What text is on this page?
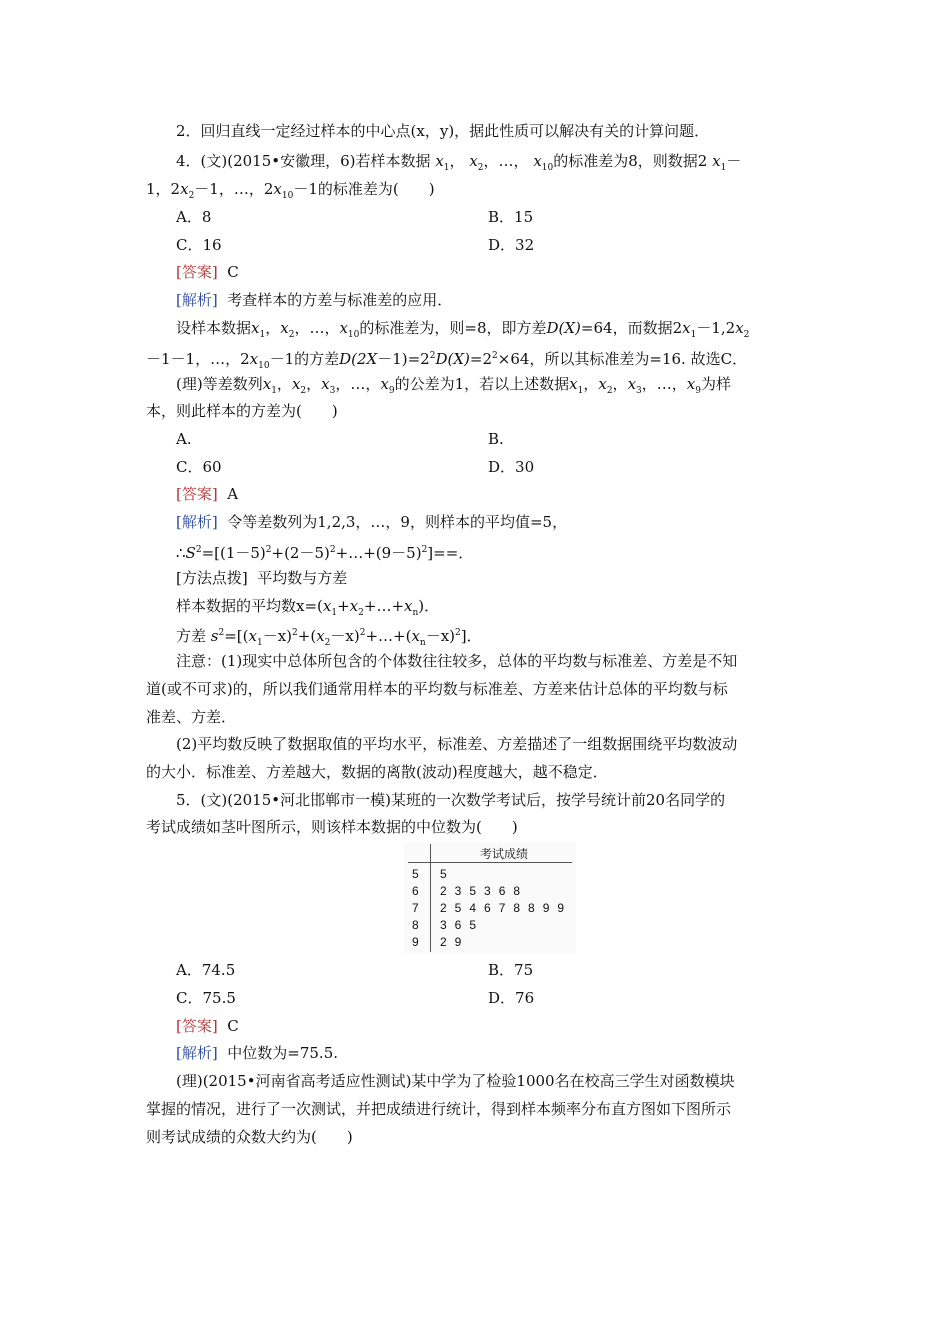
2．回归直线一定经过样本的中心点(x，y)，据此性质可以解决有关的计算问题．
4．(文)(2015•安徽理，6)若样本数据 $x_1$， $x_2$，…， $x_{10}$的标准差为8，则数据2 $x_1-$
1，$2x_2-1$，…，$2x_{10}-1$的标准差为(　　)
A．8	B．15
C．16	D．32
[答案] C
[解析] 考查样本的方差与标准差的应用．
设样本数据$x_1$，$x_2$，…，$x_{10}$的标准差为，则=8，即方差D(X)=64，而数据$2x_1-1,2x_2$
－1－1，…，$2x_{10}-1$的方差$D(2X-1)=2^2D(X)=2^2\times 64$，所以其标准差为=16. 故选C．
(理)等差数列$x_1$，$x_2$，$x_3$，…，$x_9$的公差为1，若以上述数据$x_1$，$x_2$，$x_3$，…，$x_9$为样
本，则此样本的方差为(　　)
A.	B.
C．60	D．30
[答案] A
[解析] 令等差数列为1,2,3，…，9，则样本的平均值=5，
$\therefore S^2=[(1-5)^2+(2-5)^2+\dots+(9-5)^2]==$．
[方法点拨] 平均数与方差
样本数据的平均数$x=(x_1+x_2+\dots+x_n)$．
方差 $s^2=[(x_1-x)^2+(x_2-x)^2+\dots+(x_n-x)^2]$．
注意：(1)现实中总体所包含的个体数往往较多，总体的平均数与标准差、方差是不知
道(或不可求)的，所以我们通常用样本的平均数与标准差、方差来估计总体的平均数与标
准差、方差．
(2)平均数反映了数据取值的平均水平，标准差、方差描述了一组数据围绕平均数波动
的大小．标准差、方差越大，数据的离散(波动)程度越大，越不稳定．
5．(文)(2015•河北邯郸市一模)某班的一次数学考试后，按学号统计前20名同学的
考试成绩如茎叶图所示，则该样本数据的中位数为(　　)
考试成绩
5	5
6	235368
7	254678899
8	365
9	29
A．74.5	B．75
C．75.5	D．76
[答案] C
[解析] 中位数为=75.5.
(理)(2015•河南省高考适应性测试)某中学为了检验1000名在校高三学生对函数模块
掌握的情况，进行了一次测试，并把成绩进行统计，得到样本频率分布直方图如下图所示
则考试成绩的众数大约为(　　)
